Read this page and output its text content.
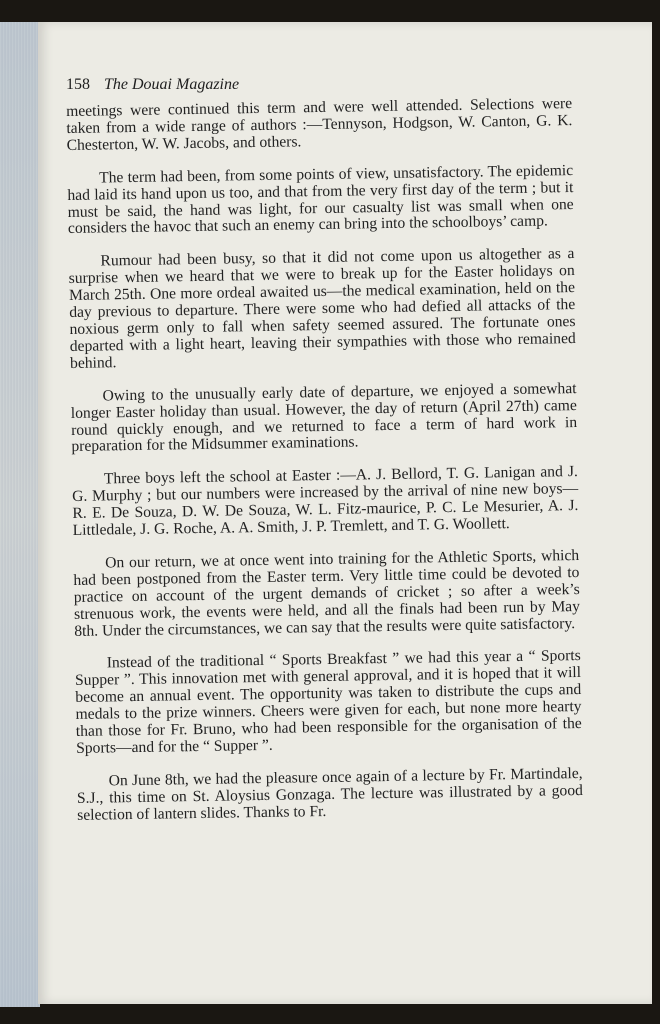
158 The Douai Magazine

meetings were continued this term and were well attended. Selections were taken from a wide range of authors :—Tennyson, Hodgson, W. Canton, G. K. Chesterton, W. W. Jacobs, and others.

The term had been, from some points of view, unsatisfactory. The epidemic had laid its hand upon us too, and that from the very first day of the term ; but it must be said, the hand was light, for our casualty list was small when one considers the havoc that such an enemy can bring into the schoolboys’ camp.

Rumour had been busy, so that it did not come upon us altogether as a surprise when we heard that we were to break up for the Easter holidays on March 25th. One more ordeal awaited us—the medical examination, held on the day previous to departure. There were some who had defied all attacks of the noxious germ only to fall when safety seemed assured. The fortunate ones departed with a light heart, leaving their sympathies with those who remained behind.

Owing to the unusually early date of departure, we enjoyed a somewhat longer Easter holiday than usual. However, the day of return (April 27th) came round quickly enough, and we returned to face a term of hard work in preparation for the Midsummer examinations.

Three boys left the school at Easter :—A. J. Bellord, T. G. Lanigan and J. G. Murphy ; but our numbers were increased by the arrival of nine new boys—R. E. De Souza, D. W. De Souza, W. L. Fitz-maurice, P. C. Le Mesurier, A. J. Littledale, J. G. Roche, A. A. Smith, J. P. Tremlett, and T. G. Woollett.

On our return, we at once went into training for the Athletic Sports, which had been postponed from the Easter term. Very little time could be devoted to practice on account of the urgent demands of cricket ; so after a week’s strenuous work, the events were held, and all the finals had been run by May 8th. Under the circumstances, we can say that the results were quite satisfactory.

Instead of the traditional “ Sports Breakfast ” we had this year a “ Sports Supper ”. This innovation met with general approval, and it is hoped that it will become an annual event. The opportunity was taken to distribute the cups and medals to the prize winners. Cheers were given for each, but none more hearty than those for Fr. Bruno, who had been responsible for the organisation of the Sports—and for the “ Supper ”.

On June 8th, we had the pleasure once again of a lecture by Fr. Martindale, S.J., this time on St. Aloysius Gonzaga. The lecture was illustrated by a good selection of lantern slides. Thanks to Fr.
